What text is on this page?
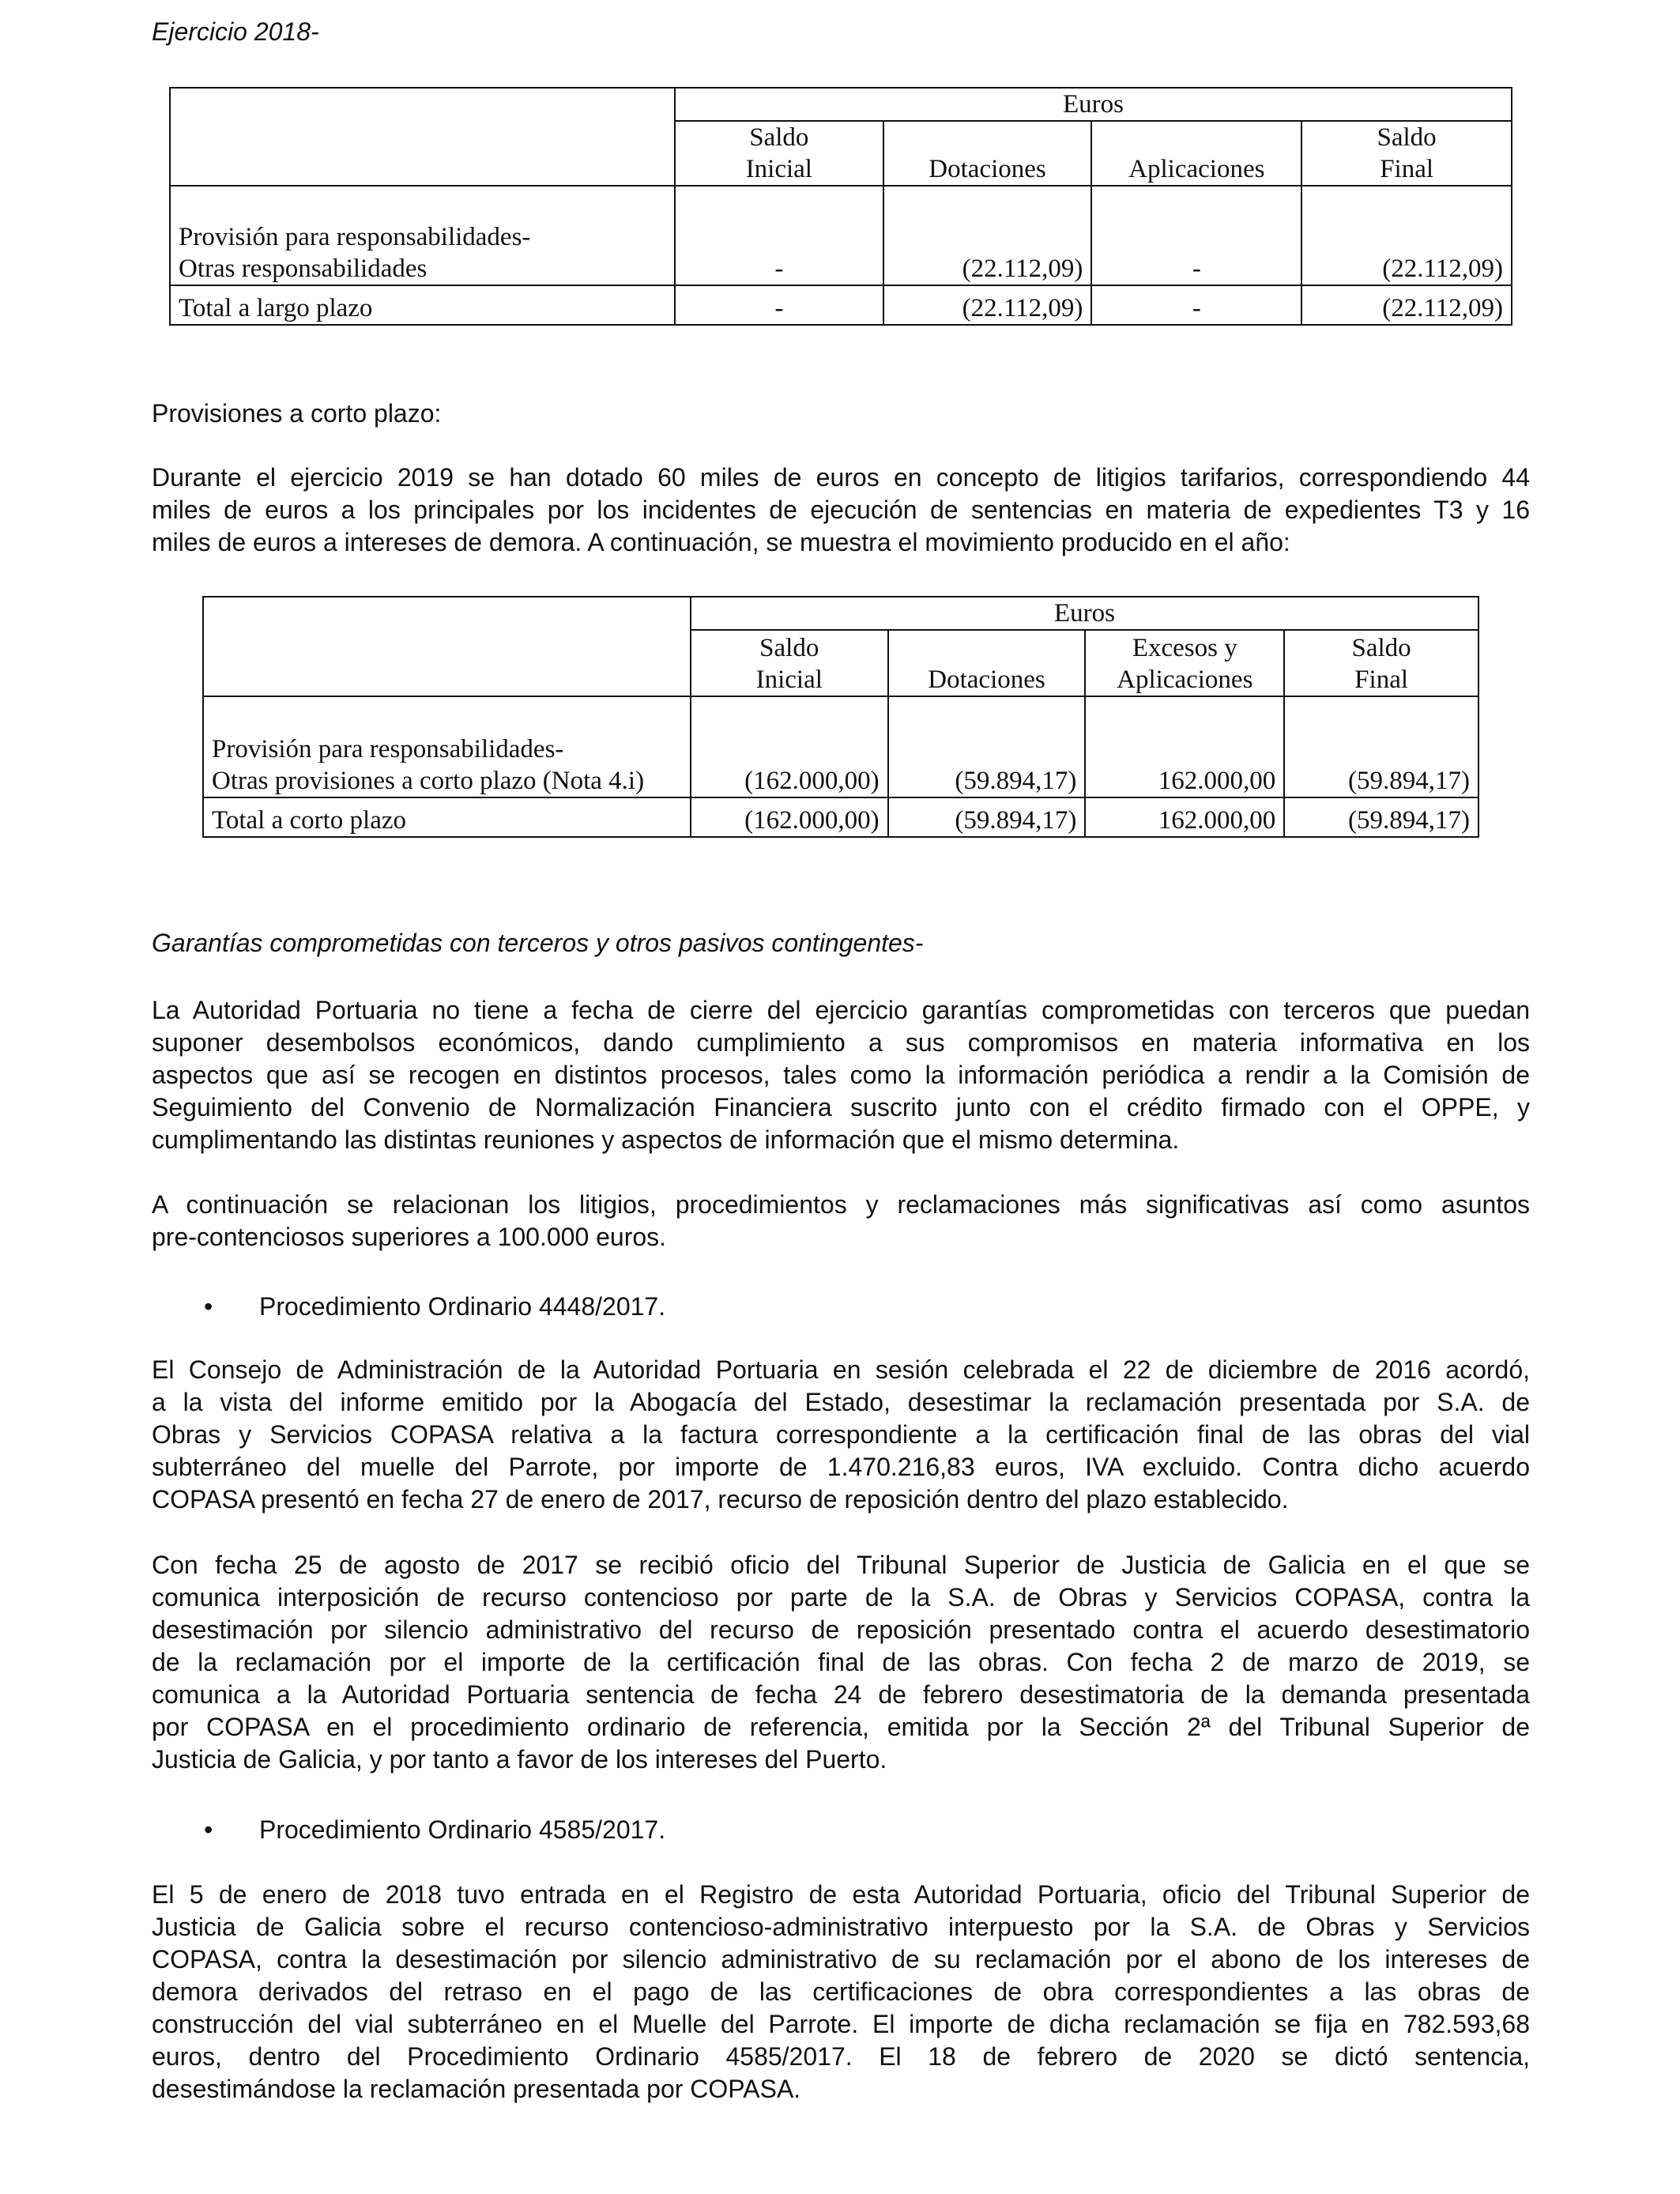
Ejercicio 2018-
	Euros			
	Saldo
Inicial	Dotaciones	Aplicaciones	Saldo
Final
Provisión para responsabilidades-
Otras responsabilidades	-	(22.112,09)	-	(22.112,09)
Total a largo plazo	-	(22.112,09)	-	(22.112,09)
Provisiones a corto plazo:
Durante el ejercicio 2019 se han dotado 60 miles de euros en concepto de litigios tarifarios, correspondiendo 44
miles de euros a los principales por los incidentes de ejecución de sentencias en materia de expedientes T3 y 16
miles de euros a intereses de demora. A continuación, se muestra el movimiento producido en el año:
	Euros			
	Saldo
Inicial	Dotaciones	Excesos y
Aplicaciones	Saldo
Final
Provisión para responsabilidades-
Otras provisiones a corto plazo (Nota 4.i)	(162.000,00)	(59.894,17)	162.000,00	(59.894,17)
Total a corto plazo	(162.000,00)	(59.894,17)	162.000,00	(59.894,17)
Garantías comprometidas con terceros y otros pasivos contingentes-
La Autoridad Portuaria no tiene a fecha de cierre del ejercicio garantías comprometidas con terceros que puedan
suponer desembolsos económicos, dando cumplimiento a sus compromisos en materia informativa en los
aspectos que así se recogen en distintos procesos, tales como la información periódica a rendir a la Comisión de
Seguimiento del Convenio de Normalización Financiera suscrito junto con el crédito firmado con el OPPE, y
cumplimentando las distintas reuniones y aspectos de información que el mismo determina.
A continuación se relacionan los litigios, procedimientos y reclamaciones más significativas así como asuntos
pre-contenciosos superiores a 100.000 euros.
• Procedimiento Ordinario 4448/2017.
El Consejo de Administración de la Autoridad Portuaria en sesión celebrada el 22 de diciembre de 2016 acordó,
a la vista del informe emitido por la Abogacía del Estado, desestimar la reclamación presentada por S.A. de
Obras y Servicios COPASA relativa a la factura correspondiente a la certificación final de las obras del vial
subterráneo del muelle del Parrote, por importe de 1.470.216,83 euros, IVA excluido. Contra dicho acuerdo
COPASA presentó en fecha 27 de enero de 2017, recurso de reposición dentro del plazo establecido.
Con fecha 25 de agosto de 2017 se recibió oficio del Tribunal Superior de Justicia de Galicia en el que se
comunica interposición de recurso contencioso por parte de la S.A. de Obras y Servicios COPASA, contra la
desestimación por silencio administrativo del recurso de reposición presentado contra el acuerdo desestimatorio
de la reclamación por el importe de la certificación final de las obras. Con fecha 2 de marzo de 2019, se
comunica a la Autoridad Portuaria sentencia de fecha 24 de febrero desestimatoria de la demanda presentada
por COPASA en el procedimiento ordinario de referencia, emitida por la Sección 2ª del Tribunal Superior de
Justicia de Galicia, y por tanto a favor de los intereses del Puerto.
• Procedimiento Ordinario 4585/2017.
El 5 de enero de 2018 tuvo entrada en el Registro de esta Autoridad Portuaria, oficio del Tribunal Superior de
Justicia de Galicia sobre el recurso contencioso-administrativo interpuesto por la S.A. de Obras y Servicios
COPASA, contra la desestimación por silencio administrativo de su reclamación por el abono de los intereses de
demora derivados del retraso en el pago de las certificaciones de obra correspondientes a las obras de
construcción del vial subterráneo en el Muelle del Parrote. El importe de dicha reclamación se fija en 782.593,68
euros, dentro del Procedimiento Ordinario 4585/2017. El 18 de febrero de 2020 se dictó sentencia,
desestimándose la reclamación presentada por COPASA.
